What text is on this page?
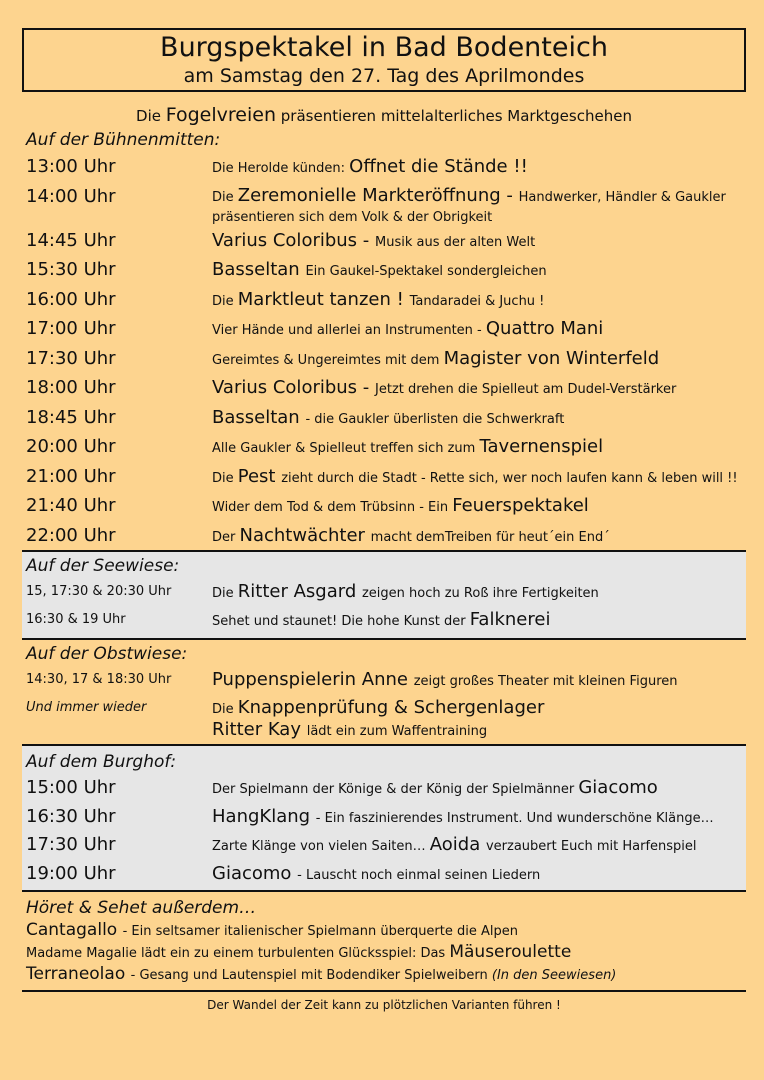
Burgspektakel in Bad Bodenteich
am Samstag den 27. Tag des Aprilmondes
Die Fogelvreien präsentieren mittelalterliches Marktgeschehen
Auf der Bühnenmitten:
13:00 Uhr	Die Herolde künden: Offnet die Stände !!
14:00 Uhr	Die Zeremonielle Markteröffnung - Handwerker, Händler & Gaukler präsentieren sich dem Volk & der Obrigkeit
14:45 Uhr	Varius Coloribus - Musik aus der alten Welt
15:30 Uhr	Basseltan Ein Gaukel-Spektakel sondergleichen
16:00 Uhr	Die Marktleut tanzen ! Tandaradei & Juchu !
17:00 Uhr	Vier Hände und allerlei an Instrumenten - Quattro Mani
17:30 Uhr	Gereimtes & Ungereimtes mit dem Magister von Winterfeld
18:00 Uhr	Varius Coloribus - Jetzt drehen die Spielleut am Dudel-Verstärker
18:45 Uhr	Basseltan - die Gaukler überlisten die Schwerkraft
20:00 Uhr	Alle Gaukler & Spielleut treffen sich zum Tavernenspiel
21:00 Uhr	Die Pest zieht durch die Stadt - Rette sich, wer noch laufen kann & leben will !!
21:40 Uhr	Wider dem Tod & dem Trübsinn - Ein Feuerspektakel
22:00 Uhr	Der Nachtwächter macht demTreiben für heut´ein End´
Auf der Seewiese:
15, 17:30 & 20:30 Uhr	Die Ritter Asgard zeigen hoch zu Roß ihre Fertigkeiten
16:30 & 19 Uhr	Sehet und staunet! Die hohe Kunst der Falknerei
Auf der Obstwiese:
14:30, 17 & 18:30 Uhr	Puppenspielerin Anne zeigt großes Theater mit kleinen Figuren
Und immer wieder	Die Knappenprüfung & Schergenlager
Ritter Kay lädt ein zum Waffentraining
Auf dem Burghof:
15:00 Uhr	Der Spielmann der Könige & der König der Spielmänner Giacomo
16:30 Uhr	HangKlang - Ein faszinierendes Instrument. Und wunderschöne Klänge…
17:30 Uhr	Zarte Klänge von vielen Saiten… Aoida verzaubert Euch mit Harfenspiel
19:00 Uhr	Giacomo - Lauscht noch einmal seinen Liedern
Höret & Sehet außerdem…
Cantagallo - Ein seltsamer italienischer Spielmann überquerte die Alpen
Madame Magalie lädt ein zu einem turbulenten Glücksspiel: Das Mäuseroulette
Terraneolao - Gesang und Lautenspiel mit Bodendiker Spielweibern (In den Seewiesen)
Der Wandel der Zeit kann zu plötzlichen Varianten führen !
